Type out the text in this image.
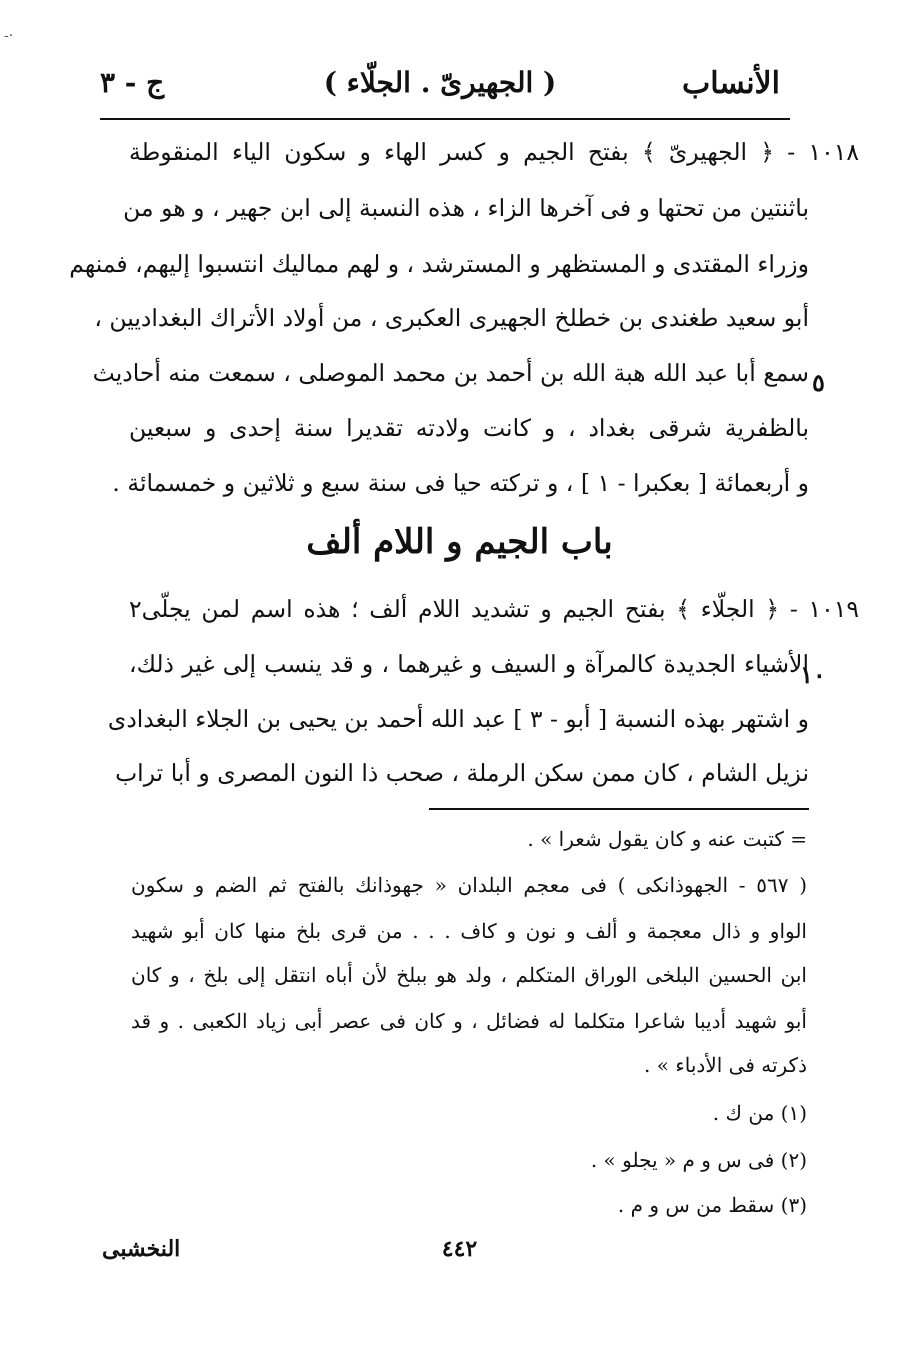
·-
الأنساب
( الجهيرىّ . الجلّاء )
ج - ٣
١٠١٨ - ﴿ الجهيرىّ ﴾ بفتح الجيم و كسر الهاء و سكون الياء المنقوطة
باثنتين من تحتها و فى آخرها الزاء ، هذه النسبة إلى ابن جهير ، و هو من
وزراء المقتدى و المستظهر و المسترشد ، و لهم مماليك انتسبوا إليهم، فمنهم
أبو سعيد طغندى بن خطلخ الجهيرى العكبرى ، من أولاد الأتراك البغداديين ،
سمع أبا عبد الله هبة الله بن أحمد بن محمد الموصلى ، سمعت منه أحاديث
بالظفرية شرقى بغداد ، و كانت ولادته تقديرا سنة إحدى و سبعين
و أربعمائة [ بعكبرا - ١ ] ، و تركته حيا فى سنة سبع و ثلاثين و خمسمائة .
٥
باب الجيم و اللام ألف
١٠١٩ - ﴿ الجلّاء ﴾ بفتح الجيم و تشديد اللام ألف ؛ هذه اسم لمن يجلّى٢
الأشياء الجديدة كالمرآة و السيف و غيرهما ، و قد ينسب إلى غير ذلك،
و اشتهر بهذه النسبة [ أبو - ٣ ] عبد الله أحمد بن يحيى بن الجلاء البغدادى
نزيل الشام ، كان ممن سكن الرملة ، صحب ذا النون المصرى و أبا تراب
١٠
= كتبت عنه و كان يقول شعرا » .
( ٥٦٧ - الجهوذانكى ) فى معجم البلدان « جهوذانك بالفتح ثم الضم و سكون
الواو و ذال معجمة و ألف و نون و كاف . . . من قرى بلخ منها كان أبو شهيد
ابن الحسين البلخى الوراق المتكلم ، ولد هو ببلخ لأن أباه انتقل إلى بلخ ، و كان
أبو شهيد أديبا شاعرا متكلما له فضائل ، و كان فى عصر أبى زياد الكعبى . و قد
ذكرته فى الأدباء » .
(١) من ك .
(٢) فى س و م « يجلو » .
(٣) سقط من س و م .
٤٤٢
النخشبى
